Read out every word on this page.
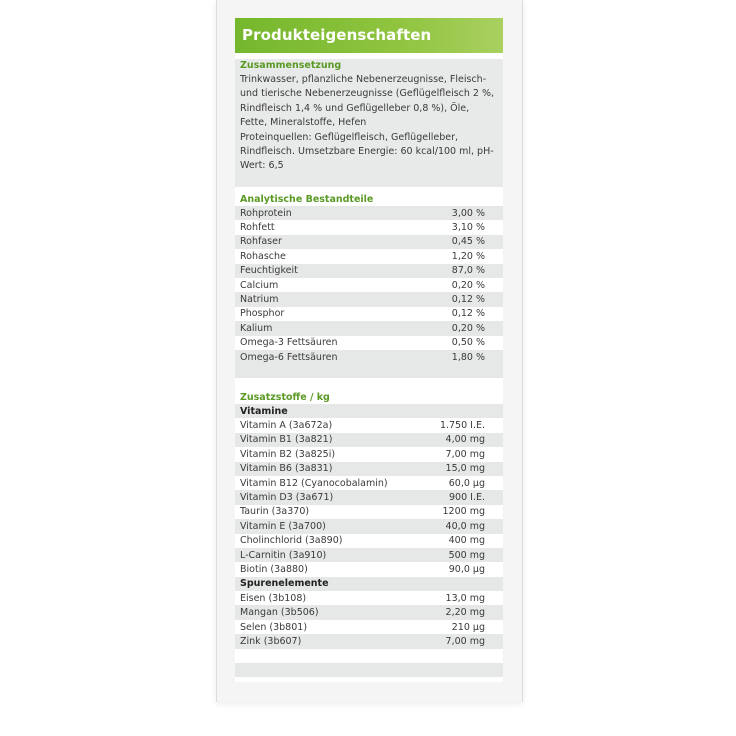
Produkteigenschaften
Zusammensetzung

Trinkwasser, pflanzliche Nebenerzeugnisse, Fleisch- und tierische Nebenerzeugnisse (Geflügelfleisch 2 %, Rindfleisch 1,4 % und Geflügelleber 0,8 %), Öle, Fette, Mineralstoffe, Hefen

Proteinquellen: Geflügelfleisch, Geflügelleber, Rindfleisch. Umsetzbare Energie: 60 kcal/100 ml, pH-Wert: 6,5

Analytische Bestandteile
Rohprotein	3,00 %
Rohfett	3,10 %
Rohfaser	0,45 %
Rohasche	1,20 %
Feuchtigkeit	87,0 %
Calcium	0,20 %
Natrium	0,12 %
Phosphor	0,12 %
Kalium	0,20 %
Omega-3 Fettsäuren	0,50 %
Omega-6 Fettsäuren	1,80 %
Zusatzstoffe / kg
Vitamine
Vitamin A (3a672a)	1.750 I.E.
Vitamin B1 (3a821)	4,00 mg
Vitamin B2 (3a825i)	7,00 mg
Vitamin B6 (3a831)	15,0 mg
Vitamin B12 (Cyanocobalamin)	60,0 µg
Vitamin D3 (3a671)	900 I.E.
Taurin (3a370)	1200 mg
Vitamin E (3a700)	40,0 mg
Cholinchlorid (3a890)	400 mg
L-Carnitin (3a910)	500 mg
Biotin (3a880)	90,0 µg
Spurenelemente
Eisen (3b108)	13,0 mg
Mangan (3b506)	2,20 mg
Selen (3b801)	210 µg
Zink (3b607)	7,00 mg
